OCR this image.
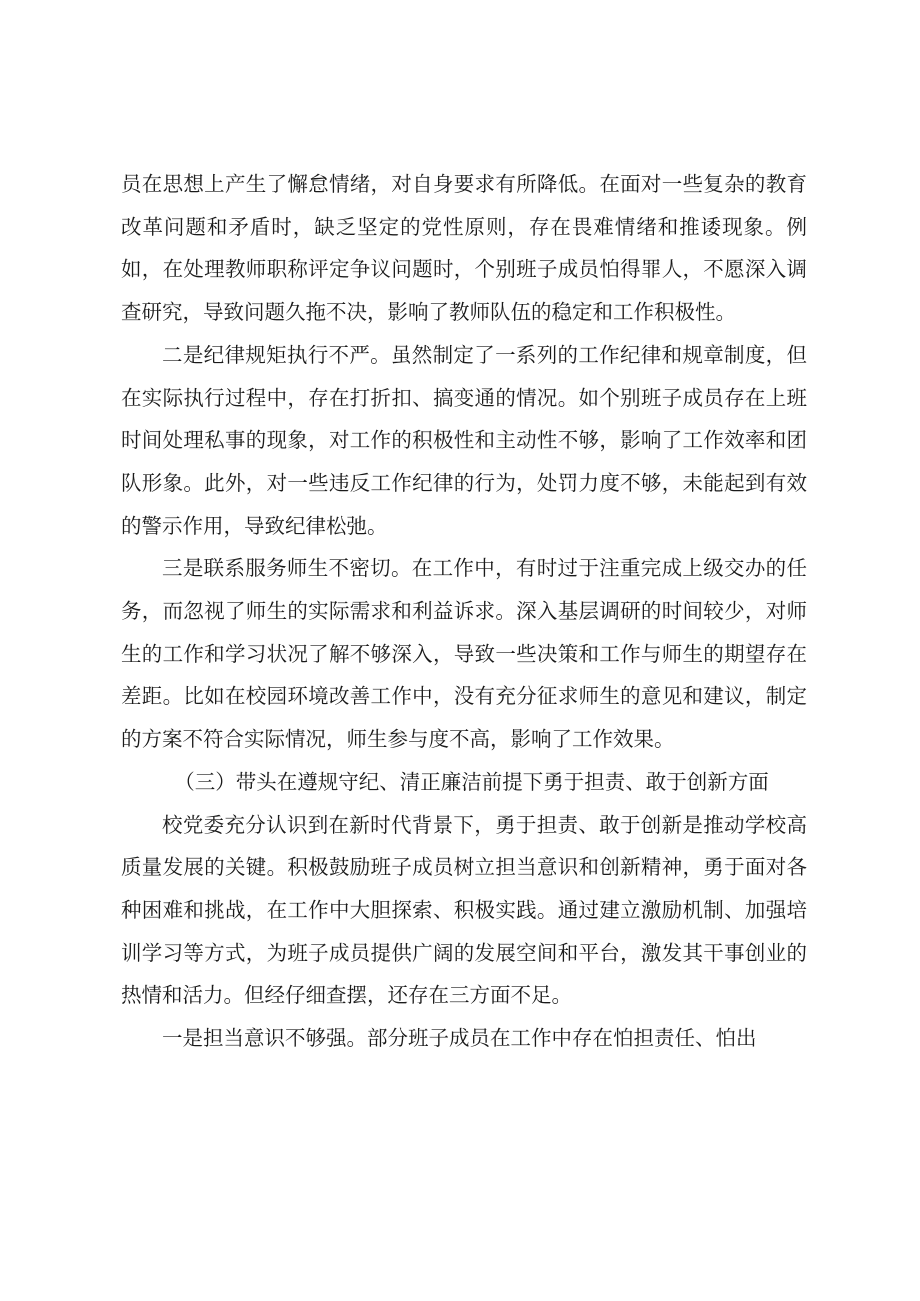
员在思想上产生了懈怠情绪，对自身要求有所降低。在面对一些复杂的教育改革问题和矛盾时，缺乏坚定的党性原则，存在畏难情绪和推诿现象。例如，在处理教师职称评定争议问题时，个别班子成员怕得罪人，不愿深入调查研究，导致问题久拖不决，影响了教师队伍的稳定和工作积极性。

二是纪律规矩执行不严。虽然制定了一系列的工作纪律和规章制度，但在实际执行过程中，存在打折扣、搞变通的情况。如个别班子成员存在上班时间处理私事的现象，对工作的积极性和主动性不够，影响了工作效率和团队形象。此外，对一些违反工作纪律的行为，处罚力度不够，未能起到有效的警示作用，导致纪律松弛。

三是联系服务师生不密切。在工作中，有时过于注重完成上级交办的任务，而忽视了师生的实际需求和利益诉求。深入基层调研的时间较少，对师生的工作和学习状况了解不够深入，导致一些决策和工作与师生的期望存在差距。比如在校园环境改善工作中，没有充分征求师生的意见和建议，制定的方案不符合实际情况，师生参与度不高，影响了工作效果。

（三）带头在遵规守纪、清正廉洁前提下勇于担责、敢于创新方面

校党委充分认识到在新时代背景下，勇于担责、敢于创新是推动学校高质量发展的关键。积极鼓励班子成员树立担当意识和创新精神，勇于面对各种困难和挑战，在工作中大胆探索、积极实践。通过建立激励机制、加强培训学习等方式，为班子成员提供广阔的发展空间和平台，激发其干事创业的热情和活力。但经仔细查摆，还存在三方面不足。

一是担当意识不够强。部分班子成员在工作中存在怕担责任、怕出
